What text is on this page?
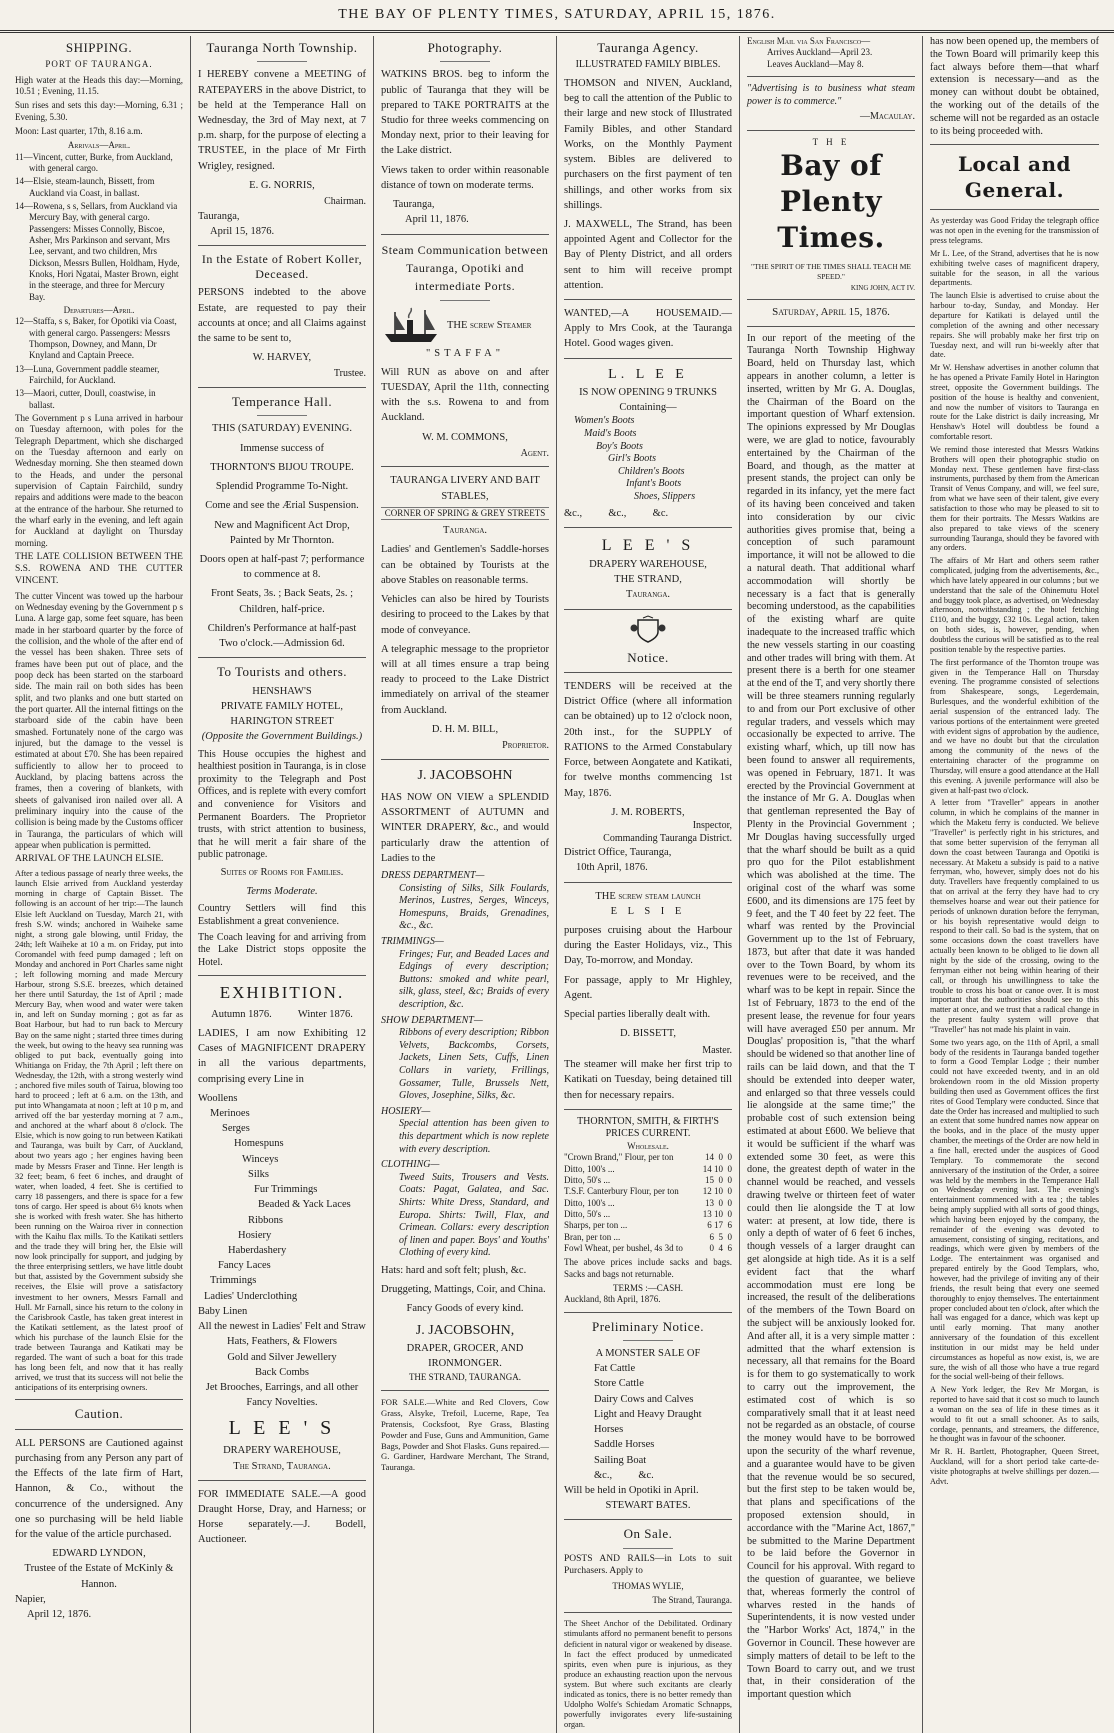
THE BAY OF PLENTY TIMES, SATURDAY, APRIL 15, 1876.
SHIPPING.
PORT OF TAURANGA.
High water at the Heads this day:—Morning, 10.51 ; Evening, 11.15.
Sun rises and sets this day:—Morning, 6.31 ; Evening, 5.30.
Moon: Last quarter, 17th, 8.16 a.m.
Arrivals—April.
11—Vincent, cutter, Burke, from Auckland, with general cargo.
14—Elsie, steam-launch, Bissett, from Auckland via Coast, in ballast.
14—Rowena, s s, Sellars, from Auckland via Mercury Bay, with general cargo. Passengers: Misses Connolly, Biscoe, Asher, Mrs Parkinson and servant, Mrs Lee, servant, and two children, Mrs Dickson, Messrs Bullen, Holdham, Hyde, Knoks, Hori Ngatai, Master Brown, eight in the steerage, and three for Mercury Bay.
Departures—April.
12—Staffa, s s, Baker, for Opotiki via Coast, with general cargo. Passengers: Messrs Thompson, Downey, and Mann, Dr Knyland and Captain Preece.
13—Luna, Government paddle steamer, Fairchild, for Auckland.
13—Maori, cutter, Doull, coastwise, in ballast.
The Government p s Luna arrived in harbour on Tuesday afternoon, with poles for the Telegraph Department, which she discharged on the Tuesday afternoon and early on Wednesday morning. She then steamed down to the Heads, and under the personal supervision of Captain Fairchild, sundry repairs and additions were made to the beacon at the entrance of the harbour. She returned to the wharf early in the evening, and left again for Auckland at daylight on Thursday morning.
THE LATE COLLISION BETWEEN THE S.S. ROWENA AND THE CUTTER VINCENT.
The cutter Vincent was towed up the harbour on Wednesday evening by the Government p s Luna. A large gap, some feet square, has been made in her starboard quarter by the force of the collision, and the whole of the after end of the vessel has been shaken. Three sets of frames have been put out of place, and the poop deck has been started on the starboard side. The main rail on both sides has been split, and two planks and one butt started on the port quarter. All the internal fittings on the starboard side of the cabin have been smashed. Fortunately none of the cargo was injured, but the damage to the vessel is estimated at about £70. She has been repaired sufficiently to allow her to proceed to Auckland, by placing battens across the frames, then a covering of blankets, with sheets of galvanised iron nailed over all. A preliminary inquiry into the cause of the collision is being made by the Customs officer in Tauranga, the particulars of which will appear when publication is permitted.
ARRIVAL OF THE LAUNCH ELSIE.
After a tedious passage of nearly three weeks, the launch Elsie arrived from Auckland yesterday morning in charge of Captain Bisset. The following is an account of her trip:—The launch Elsie left Auckland on Tuesday, March 21, with fresh S.W. winds; anchored in Waiheke same night, a strong gale blowing, until Friday, the 24th; left Waiheke at 10 a m. on Friday, put into Coromandel with feed pump damaged ; left on Monday and anchored in Port Charles same night ; left following morning and made Mercury Harbour, strong S.S.E. breezes, which detained her there until Saturday, the 1st of April ; made Mercury Bay, when wood and water were taken in, and left on Sunday morning ; got as far as Boat Harbour, but had to run back to Mercury Bay on the same night ; started three times during the week, but owing to the heavy sea running was obliged to put back, eventually going into Whitianga on Friday, the 7th April ; left there on Wednesday, the 12th, with a strong westerly wind ; anchored five miles south of Tairua, blowing too hard to proceed ; left at 6 a.m. on the 13th, and put into Whangamata at noon ; left at 10 p m, and arrived off the bar yesterday morning at 7 a.m., and anchored at the wharf about 8 o'clock. The Elsie, which is now going to run between Katikati and Tauranga, was built by Carr, of Auckland, about two years ago ; her engines having been made by Messrs Fraser and Tinne. Her length is 32 feet; beam, 6 feet 6 inches, and draught of water, when loaded, 4 feet. She is certified to carry 18 passengers, and there is space for a few tons of cargo. Her speed is about 6½ knots when she is worked with fresh water. She has hitherto been running on the Wairoa river in connection with the Kaihu flax mills. To the Katikati settlers and the trade they will bring her, the Elsie will now look principally for support, and judging by the three enterprising settlers, we have little doubt but that, assisted by the Government subsidy she receives, the Elsie will prove a satisfactory investment to her owners, Messrs Farnall and Hull. Mr Farnall, since his return to the colony in the Carisbrook Castle, has taken great interest in the Katikati settlement, as the latest proof of which his purchase of the launch Elsie for the trade between Tauranga and Katikati may be regarded. The want of such a boat for this trade has long been felt, and now that it has really arrived, we trust that its success will not belie the anticipations of its enterprising owners.
Caution.
ALL PERSONS are Cautioned against purchasing from any Person any part of the Effects of the late firm of Hart, Hannon, & Co., without the concurrence of the undersigned. Any one so purchasing will be held liable for the value of the article purchased.
EDWARD LYNDON,
Trustee of the Estate of McKinly & Hannon.
Napier,
April 12, 1876.
Tauranga North Township.
I HEREBY convene a MEETING of RATEPAYERS in the above District, to be held at the Temperance Hall on Wednesday, the 3rd of May next, at 7 p.m. sharp, for the purpose of electing a TRUSTEE, in the place of Mr Firth Wrigley, resigned.
E. G. NORRIS,
Chairman.
Tauranga,
April 15, 1876.
In the Estate of Robert Koller, Deceased.
PERSONS indebted to the above Estate, are requested to pay their accounts at once; and all Claims against the same to be sent to,
W. HARVEY,
Trustee.
Temperance Hall.
THIS (SATURDAY) EVENING.
Immense success of
THORNTON'S BIJOU TROUPE.
Splendid Programme To-Night.
Come and see the Ærial Suspension.
New and Magnificent Act Drop, Painted by Mr Thornton.
Doors open at half-past 7; performance to commence at 8.
Front Seats, 3s. ; Back Seats, 2s. ; Children, half-price.
Children's Performance at half-past Two o'clock.—Admission 6d.
To Tourists and others.
HENSHAW'S
PRIVATE FAMILY HOTEL,
HARINGTON STREET
(Opposite the Government Buildings.)
This House occupies the highest and healthiest position in Tauranga, is in close proximity to the Telegraph and Post Offices, and is replete with every comfort and convenience for Visitors and Permanent Boarders. The Proprietor trusts, with strict attention to business, that he will merit a fair share of the public patronage.
Suites of Rooms for Families.
Terms Moderate.
Country Settlers will find this Establishment a great convenience.
The Coach leaving for and arriving from the Lake District stops opposite the Hotel.
EXHIBITION.
Autumn 1876.          Winter 1876.
LADIES, I am now Exhibiting 12 Cases of MAGNIFICENT DRAPERY in all the various departments, comprising every Line in
Woollens
Merinoes
Serges
Homespuns
Winceys
Silks
Fur Trimmings
Beaded & Yack Laces
Ribbons
Hosiery
Haberdashery
Fancy Laces
Trimmings
Ladies' Underclothing
Baby Linen
All the newest in Ladies' Felt and Straw Hats, Feathers, & Flowers
Gold and Silver Jewellery
Back Combs
Jet Brooches, Earrings, and all other Fancy Novelties.
L E E ' S
DRAPERY WAREHOUSE,
The Strand, Tauranga.
FOR IMMEDIATE SALE.—A good Draught Horse, Dray, and Harness; or Horse separately.—J. Bodell, Auctioneer.
Photography.
WATKINS BROS. beg to inform the public of Tauranga that they will be prepared to TAKE PORTRAITS at the Studio for three weeks commencing on Monday next, prior to their leaving for the Lake district.
Views taken to order within reasonable distance of town on moderate terms.
Tauranga,
April 11, 1876.
Steam Communication between Tauranga, Opotiki and intermediate Ports.
THE screw Steamer
"STAFFA"
Will RUN as above on and after TUESDAY, April the 11th, connecting with the s.s. Rowena to and from Auckland.
W. M. COMMONS,
Agent.
TAURANGA LIVERY AND BAIT STABLES,
CORNER OF SPRING & GREY STREETS
Tauranga.
Ladies' and Gentlemen's Saddle-horses can be obtained by Tourists at the above Stables on reasonable terms.
Vehicles can also be hired by Tourists desiring to proceed to the Lakes by that mode of conveyance.
A telegraphic message to the proprietor will at all times ensure a trap being ready to proceed to the Lake District immediately on arrival of the steamer from Auckland.
D. H. M. BILL,
Proprietor.
J. JACOBSOHN
HAS NOW ON VIEW a SPLENDID ASSORTMENT of AUTUMN and WINTER DRAPERY, &c., and would particularly draw the attention of Ladies to the
DRESS DEPARTMENT—
Consisting of Silks, Silk Foulards, Merinos, Lustres, Serges, Winceys, Homespuns, Braids, Grenadines, &c., &c.
TRIMMINGS—
Fringes; Fur, and Beaded Laces and Edgings of every description; Buttons: smoked and white pearl, silk, glass, steel, &c; Braids of every description, &c.
SHOW DEPARTMENT—
Ribbons of every description; Ribbon Velvets, Backcombs, Corsets, Jackets, Linen Sets, Cuffs, Linen Collars in variety, Frillings, Gossamer, Tulle, Brussels Nett, Gloves, Josephine, Silks, &c.
HOSIERY—
Special attention has been given to this department which is now replete with every description.
CLOTHING—
Tweed Suits, Trousers and Vests. Coats: Pagat, Galatea, and Sac. Shirts: White Dress, Standard, and Europa. Shirts: Twill, Flax, and Crimean. Collars: every description of linen and paper. Boys' and Youths' Clothing of every kind.
Hats: hard and soft felt; plush, &c.
Druggeting, Mattings, Coir, and China.
Fancy Goods of every kind.
J. JACOBSOHN,
DRAPER, GROCER, AND IRONMONGER.
THE STRAND, TAURANGA.
FOR SALE.—White and Red Clovers, Cow Grass, Alsyke, Trefoil, Lucerne, Rape, Tea Pratensis, Cocksfoot, Rye Grass, Blasting Powder and Fuse, Guns and Ammunition, Game Bags, Powder and Shot Flasks. Guns repaired.—G. Gardiner, Hardware Merchant, The Strand, Tauranga.
Tauranga Agency.
ILLUSTRATED FAMILY BIBLES.
THOMSON and NIVEN, Auckland, beg to call the attention of the Public to their large and new stock of Illustrated Family Bibles, and other Standard Works, on the Monthly Payment system. Bibles are delivered to purchasers on the first payment of ten shillings, and other works from six shillings.
J. MAXWELL, The Strand, has been appointed Agent and Collector for the Bay of Plenty District, and all orders sent to him will receive prompt attention.
WANTED,—A HOUSEMAID.—Apply to Mrs Cook, at the Tauranga Hotel. Good wages given.
L. L E E
IS NOW OPENING 9 TRUNKS
Containing—
Women's Boots
Maid's Boots
Boy's Boots
Girl's Boots
Children's Boots
Infant's Boots
Shoes, Slippers
&c.,          &c.,          &c.
L E E ' S
DRAPERY WAREHOUSE,
THE STRAND,
Tauranga.
Notice.
TENDERS will be received at the District Office (where all information can be obtained) up to 12 o'clock noon, 20th inst., for the SUPPLY of RATIONS to the Armed Constabulary Force, between Aongatete and Katikati, for twelve months commencing 1st May, 1876.
J. M. ROBERTS,
Inspector,
Commanding Tauranga District.
District Office, Tauranga,
10th April, 1876.
THE screw steam launch
E L S I E
purposes cruising about the Harbour during the Easter Holidays, viz., This Day, To-morrow, and Monday.
For passage, apply to Mr Highley, Agent.
Special parties liberally dealt with.
D. BISSETT,
Master.
The steamer will make her first trip to Katikati on Tuesday, being detained till then for necessary repairs.
THORNTON, SMITH, & FIRTH'S PRICES CURRENT.
Wholesale.
"Crown Brand," Flour, per ton	14  0  0
Ditto, 100's ...	14 10  0
Ditto, 50's ...	15  0  0
T.S.F. Canterbury Flour, per ton	12 10  0
Ditto, 100's ...	13  0  0
Ditto, 50's ...	13 10  0
Sharps, per ton ...	6 17  6
Bran, per ton ...	6  5  0
Fowl Wheat, per bushel, 4s 3d to	0  4  6
The above prices include sacks and bags. Sacks and bags not returnable.
TERMS :—CASH.
Auckland, 8th April, 1876.
Preliminary Notice.
A MONSTER SALE OF
Fat Cattle
Store Cattle
Dairy Cows and Calves
Light and Heavy Draught Horses
Saddle Horses
Sailing Boat
&c.,          &c.
Will be held in Opotiki in April.
STEWART BATES.
On Sale.
POSTS AND RAILS—in Lots to suit Purchasers. Apply to
THOMAS WYLIE,
The Strand, Tauranga.
The Sheet Anchor of the Debilitated. Ordinary stimulants afford no permanent benefit to persons deficient in natural vigor or weakened by disease. In fact the effect produced by unmedicated spirits, even when pure is injurious, as they produce an exhausting reaction upon the nervous system. But where such excitants are clearly indicated as tonics, there is no better remedy than Udolpho Wolfe's Schiedam Aromatic Schnapps, powerfully invigorates every life-sustaining organ.
English Mail via San Francisco—
Arrives Auckland—April 23.
Leaves Auckland—May 8.
"Advertising is to business what steam power is to commerce."
—Macaulay.
T H E
Bay of Plenty Times.
"THE SPIRIT OF THE TIMES SHALL TEACH ME SPEED."
KING JOHN, ACT IV.
Saturday, April 15, 1876.
In our report of the meeting of the Tauranga North Township Highway Board, held on Thursday last, which appears in another column, a letter is inserted, written by Mr G. A. Douglas, the Chairman of the Board on the important question of Wharf extension. The opinions expressed by Mr Douglas were, we are glad to notice, favourably entertained by the Chairman of the Board, and though, as the matter at present stands, the project can only be regarded in its infancy, yet the mere fact of its having been conceived and taken into consideration by our civic authorities gives promise that, being a conception of such paramount importance, it will not be allowed to die a natural death. That additional wharf accommodation will shortly be necessary is a fact that is generally becoming understood, as the capabilities of the existing wharf are quite inadequate to the increased traffic which the new vessels starting in our coasting and other trades will bring with them. At present there is a berth for one steamer at the end of the T, and very shortly there will be three steamers running regularly to and from our Port exclusive of other regular traders, and vessels which may occasionally be expected to arrive. The existing wharf, which, up till now has been found to answer all requirements, was opened in February, 1871. It was erected by the Provincial Government at the instance of Mr G. A. Douglas when that gentleman represented the Bay of Plenty in the Provincial Government ; Mr Douglas having successfully urged that the wharf should be built as a quid pro quo for the Pilot establishment which was abolished at the time. The original cost of the wharf was some £600, and its dimensions are 175 feet by 9 feet, and the T 40 feet by 22 feet. The wharf was rented by the Provincial Government up to the 1st of February, 1873, but after that date it was handed over to the Town Board, by whom its revenues were to be received, and the wharf was to be kept in repair. Since the 1st of February, 1873 to the end of the present lease, the revenue for four years will have averaged £50 per annum. Mr Douglas' proposition is, "that the wharf should be widened so that another line of rails can be laid down, and that the T should be extended into deeper water, and enlarged so that three vessels could lie alongside at the same time;" the probable cost of such extension being estimated at about £600. We believe that it would be sufficient if the wharf was extended some 30 feet, as were this done, the greatest depth of water in the channel would be reached, and vessels drawing twelve or thirteen feet of water could then lie alongside the T at low water: at present, at low tide, there is only a depth of water of 6 feet 6 inches, though vessels of a larger draught can get alongside at high tide. As it is a self evident fact that the wharf accommodation must ere long be increased, the result of the deliberations of the members of the Town Board on the subject will be anxiously looked for. And after all, it is a very simple matter : admitted that the wharf extension is necessary, all that remains for the Board is for them to go systematically to work to carry out the improvement, the estimated cost of which is so comparatively small that it at least need not be regarded as an obstacle, of course the money would have to be borrowed upon the security of the wharf revenue, and a guarantee would have to be given that the revenue would be so secured, but the first step to be taken would be, that plans and specifications of the proposed extension should, in accordance with the "Marine Act, 1867," be submitted to the Marine Department to be laid before the Governor in Council for his approval. With regard to the question of guarantee, we believe that, whereas formerly the control of wharves rested in the hands of Superintendents, it is now vested under the "Harbor Works' Act, 1874," in the Governor in Council. These however are simply matters of detail to be left to the Town Board to carry out, and we trust that, in their consideration of the important question which
has now been opened up, the members of the Town Board will primarily keep this fact always before them—that wharf extension is necessary—and as the money can without doubt be obtained, the working out of the details of the scheme will not be regarded as an ostacle to its being proceeded with.
Local and General.
As yesterday was Good Friday the telegraph office was not open in the evening for the transmission of press telegrams.
Mr L. Lee, of the Strand, advertises that he is now exhibiting twelve cases of magnificent drapery, suitable for the season, in all the various departments.
The launch Elsie is advertised to cruise about the harbour to-day, Sunday, and Monday. Her departure for Katikati is delayed until the completion of the awning and other necessary repairs. She will probably make her first trip on Tuesday next, and will run bi-weekly after that date.
Mr W. Henshaw advertises in another column that he has opened a Private Family Hotel in Harington street, opposite the Government buildings. The position of the house is healthy and convenient, and now the number of visitors to Tauranga en route for the Lake district is daily increasing, Mr Henshaw's Hotel will doubtless be found a comfortable resort.
We remind those interested that Messrs Watkins Brothers will open their photographic studio on Monday next. These gentlemen have first-class instruments, purchased by them from the American Transit of Venus Company, and will, we feel sure, from what we have seen of their talent, give every satisfaction to those who may be pleased to sit to them for their portraits. The Messrs Watkins are also prepared to take views of the scenery surrounding Tauranga, should they be favored with any orders.
The affairs of Mr Hart and others seem rather complicated, judging from the advertisements, &c., which have lately appeared in our columns ; but we understand that the sale of the Ohinemutu Hotel and buggy took place, as advertised, on Wednesday afternoon, notwithstanding ; the hotel fetching £110, and the buggy, £32 10s. Legal action, taken on both sides, is, however, pending, when doubtless the curious will be satisfied as to the real position tenable by the respective parties.
The first performance of the Thornton troupe was given in the Temperance Hall on Thursday evening. The programme consisted of selections from Shakespeare, songs, Legerdemain, Burlesques, and the wonderful exhibition of the aerial suspension of the entranced lady. The various portions of the entertainment were greeted with evident signs of approbation by the audience, and we have no doubt but that the circulation among the community of the news of the entertaining character of the programme on Thursday, will ensure a good attendance at the Hall this evening. A juvenile performance will also be given at half-past two o'clock.
A letter from "Traveller" appears in another column, in which he complains of the manner in which the Maketu ferry is conducted. We believe "Traveller" is perfectly right in his strictures, and that some better supervision of the ferryman all down the coast between Tauranga and Opotiki is necessary. At Maketu a subsidy is paid to a native ferryman, who, however, simply does not do his duty. Travellers have frequently complained to us that on arrival at the ferry they have had to cry themselves hoarse and wear out their patience for periods of unknown duration before the ferryman, or his boyish representative would deign to respond to their call. So bad is the system, that on some occasions down the coast travellers have actually been known to be obliged to lie down all night by the side of the crossing, owing to the ferryman either not being within hearing of their call, or through his unwillingness to take the trouble to cross his boat or canoe over. It is most important that the authorities should see to this matter at once, and we trust that a radical change in the present faulty system will prove that "Traveller" has not made his plaint in vain.
Some two years ago, on the 11th of April, a small body of the residents in Tauranga banded together to form a Good Templar Lodge ; their number could not have exceeded twenty, and in an old brokendown room in the old Mission property building then used as Government offices the first rites of Good Templary were conducted. Since that date the Order has increased and multiplied to such an extent that some hundred names now appear on the books, and in the place of the musty upper chamber, the meetings of the Order are now held in a fine hall, erected under the auspices of Good Templary. To commemorate the second anniversary of the institution of the Order, a soiree was held by the members in the Temperance Hall on Wednesday evening last. The evening's entertainment commenced with a tea ; the tables being amply supplied with all sorts of good things, which having been enjoyed by the company, the remainder of the evening was devoted to amusement, consisting of singing, recitations, and readings, which were given by members of the Lodge. The entertainment was organised and prepared entirely by the Good Templars, who, however, had the privilege of inviting any of their friends, the result being that every one seemed thoroughly to enjoy themselves. The entertainment proper concluded about ten o'clock, after which the hall was engaged for a dance, which was kept up until early morning. That many another anniversary of the foundation of this excellent institution in our midst may be held under circumstances as hopeful as now exist, is, we are sure, the wish of all those who have a true regard for the social well-being of their fellows.
A New York ledger, the Rev Mr Morgan, is reported to have said that it cost so much to launch a woman on the sea of life in these times as it would to fit out a small schooner. As to sails, cordage, pennants, and streamers, the difference, he thought was in favour of the schooner.
Mr R. H. Bartlett, Photographer, Queen Street, Auckland, will for a short period take carte-de-visite photographs at twelve shillings per dozen.—Advt.
